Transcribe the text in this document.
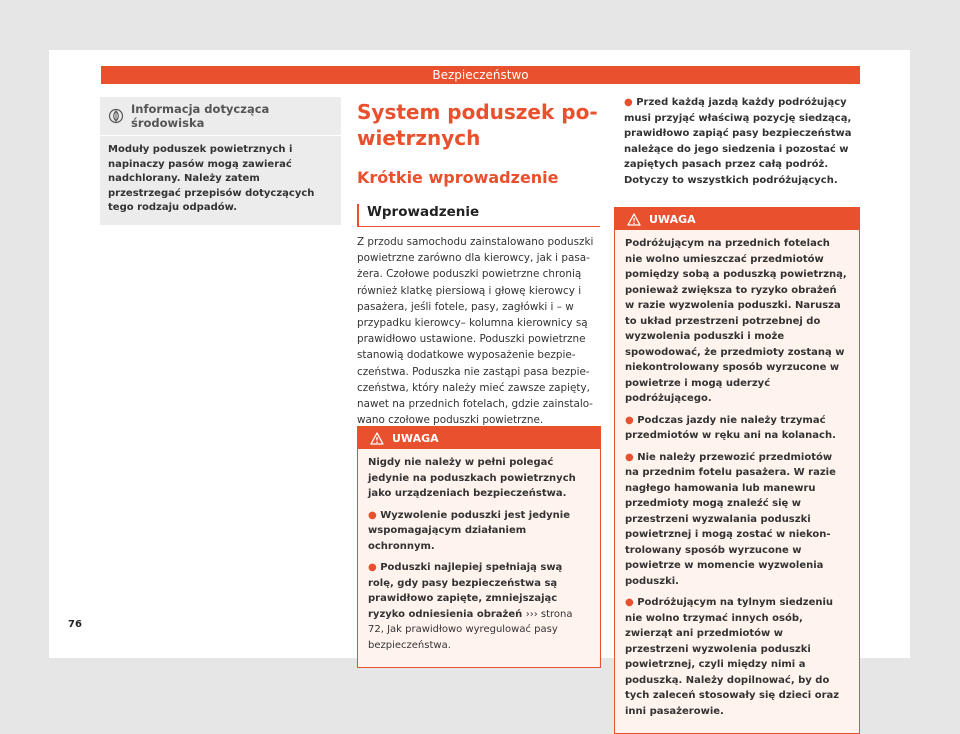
Bezpieczeństwo
Informacja dotycząca środowiska
Moduły poduszek powietrznych i napinaczy pasów mogą zawierać nadchlorany. Należy zatem przestrzegać przepisów dotyczących tego rodzaju odpadów.
System poduszek powietrznych
Krótkie wprowadzenie
Wprowadzenie
Z przodu samochodu zainstalowano poduszki powietrzne zarówno dla kierowcy, jak i pasażera. Czołowe poduszki powietrzne chronią również klatkę piersiową i głowę kierowcy i pasażera, jeśli fotele, pasy, zagłówki i – w przypadku kierowcy– kolumna kierownicy są prawidłowo ustawione. Poduszki powietrzne stanowią dodatkowe wyposażenie bezpieczeństwa. Poduszka nie zastąpi pasa bezpieczeństwa, który należy mieć zawsze zapięty, nawet na przednich fotelach, gdzie zainstalowano czołowe poduszki powietrzne.
UWAGA

Nigdy nie należy w pełni polegać jedynie na poduszkach powietrznych jako urządzeniach bezpieczeństwa.

● Wyzwolenie poduszki jest jedynie wspomagającym działaniem ochronnym.
● Poduszki najlepiej spełniają swą rolę, gdy pasy bezpieczeństwa są prawidłowo zapięte, zmniejszając ryzyko odniesienia obrażeń ››› strona 72, Jak prawidłowo wyregulować pasy bezpieczeństwa.
● Przed każdą jazdą każdy podróżujący musi przyjąć właściwą pozycję siedzącą, prawidłowo zapiąć pasy bezpieczeństwa należące do jego siedzenia i pozostać w zapiętych pasach przez całą podróż. Dotyczy to wszystkich podróżujących.
UWAGA

Podróżującym na przednich fotelach nie wolno umieszczać przedmiotów pomiędzy sobą a poduszką powietrzną, ponieważ zwiększa to ryzyko obrażeń w razie wyzwolenia poduszki. Narusza to układ przestrzeni potrzebnej do wyzwolenia poduszki i może spowodować, że przedmioty zostaną w niekontrolowany sposób wyrzucone w powietrze i mogą uderzyć podróżującego.

● Podczas jazdy nie należy trzymać przedmiotów w ręku ani na kolanach.
● Nie należy przewozić przedmiotów na przednim fotelu pasażera. W razie nagłego hamowania lub manewru przedmioty mogą znaleźć się w przestrzeni wyzwalania poduszki powietrznej i mogą zostać w niekontrolowany sposób wyrzucone w powietrze w momencie wyzwolenia poduszki.
● Podróżującym na tylnym siedzeniu nie wolno trzymać innych osób, zwierząt ani przedmiotów w przestrzeni wyzwolenia poduszki powietrznej, czyli między nimi a poduszką. Należy dopilnować, by do tych zaleceń stosowały się dzieci oraz inni pasażerowie.
76
